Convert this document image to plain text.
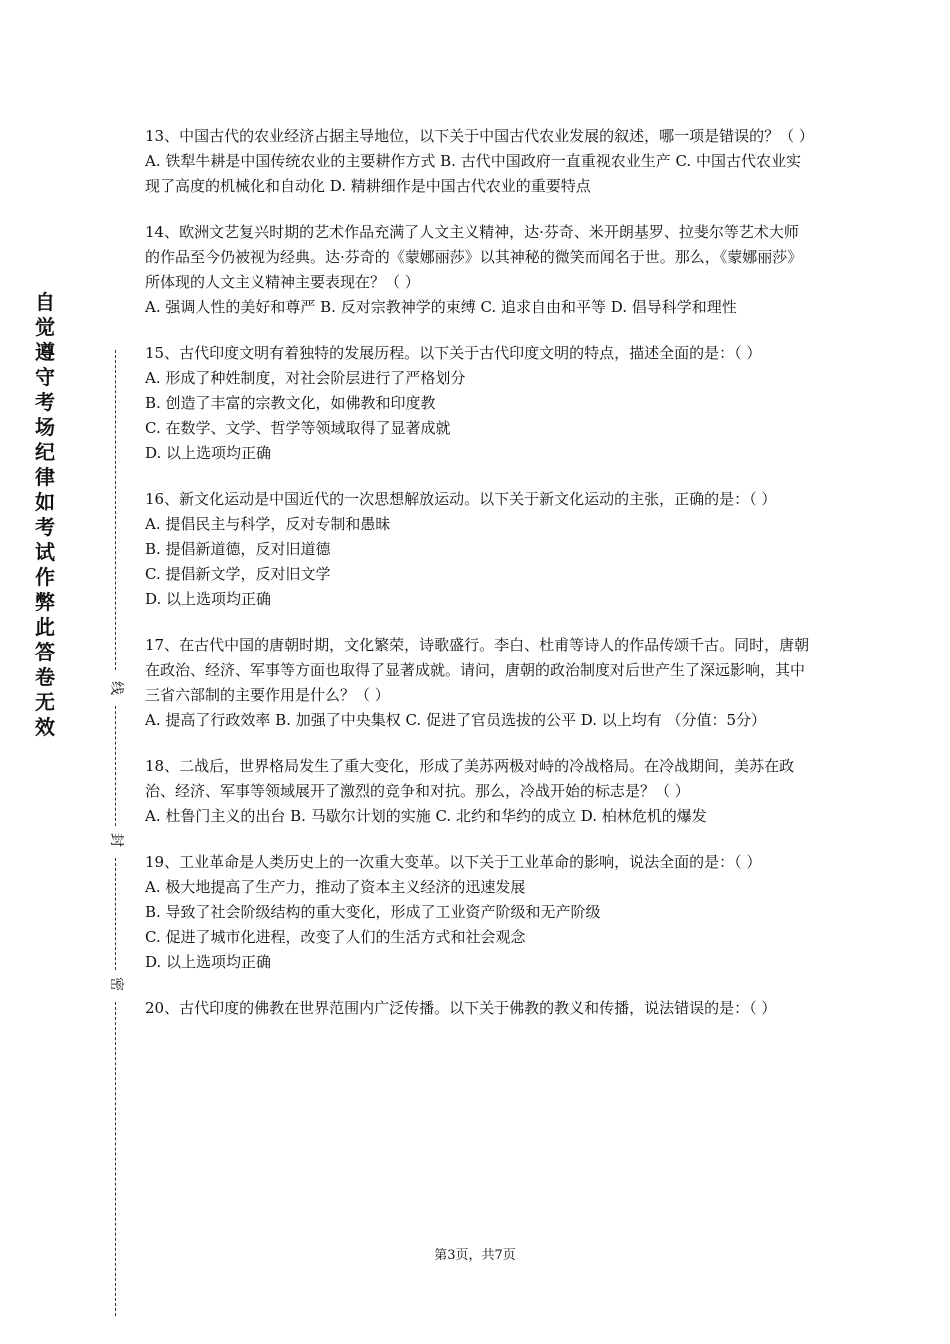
自觉遵守考场纪律如考试作弊此答卷无效
线
封
密

13、中国古代的农业经济占据主导地位，以下关于中国古代农业发展的叙述，哪一项是错误的？（ ）

A. 铁犁牛耕是中国传统农业的主要耕作方式 B. 古代中国政府一直重视农业生产 C. 中国古代农业实现了高度的机械化和自动化 D. 精耕细作是中国古代农业的重要特点

14、欧洲文艺复兴时期的艺术作品充满了人文主义精神，达·芬奇、米开朗基罗、拉斐尔等艺术大师的作品至今仍被视为经典。达·芬奇的《蒙娜丽莎》以其神秘的微笑而闻名于世。那么，《蒙娜丽莎》所体现的人文主义精神主要表现在？（ ）

A. 强调人性的美好和尊严 B. 反对宗教神学的束缚 C. 追求自由和平等 D. 倡导科学和理性

15、古代印度文明有着独特的发展历程。以下关于古代印度文明的特点，描述全面的是：（ ）

A. 形成了种姓制度，对社会阶层进行了严格划分

B. 创造了丰富的宗教文化，如佛教和印度教

C. 在数学、文学、哲学等领域取得了显著成就

D. 以上选项均正确

16、新文化运动是中国近代的一次思想解放运动。以下关于新文化运动的主张，正确的是：（ ）

A. 提倡民主与科学，反对专制和愚昧

B. 提倡新道德，反对旧道德

C. 提倡新文学，反对旧文学

D. 以上选项均正确

17、在古代中国的唐朝时期，文化繁荣，诗歌盛行。李白、杜甫等诗人的作品传颂千古。同时，唐朝在政治、经济、军事等方面也取得了显著成就。请问，唐朝的政治制度对后世产生了深远影响，其中三省六部制的主要作用是什么？（ ）

A. 提高了行政效率 B. 加强了中央集权 C. 促进了官员选拔的公平 D. 以上均有 （分值：5分）

18、二战后，世界格局发生了重大变化，形成了美苏两极对峙的冷战格局。在冷战期间，美苏在政治、经济、军事等领域展开了激烈的竞争和对抗。那么，冷战开始的标志是？（ ）

A. 杜鲁门主义的出台 B. 马歇尔计划的实施 C. 北约和华约的成立 D. 柏林危机的爆发

19、工业革命是人类历史上的一次重大变革。以下关于工业革命的影响，说法全面的是：（ ）

A. 极大地提高了生产力，推动了资本主义经济的迅速发展

B. 导致了社会阶级结构的重大变化，形成了工业资产阶级和无产阶级

C. 促进了城市化进程，改变了人们的生活方式和社会观念

D. 以上选项均正确

20、古代印度的佛教在世界范围内广泛传播。以下关于佛教的教义和传播，说法错误的是：（ ）

第3页，共7页
